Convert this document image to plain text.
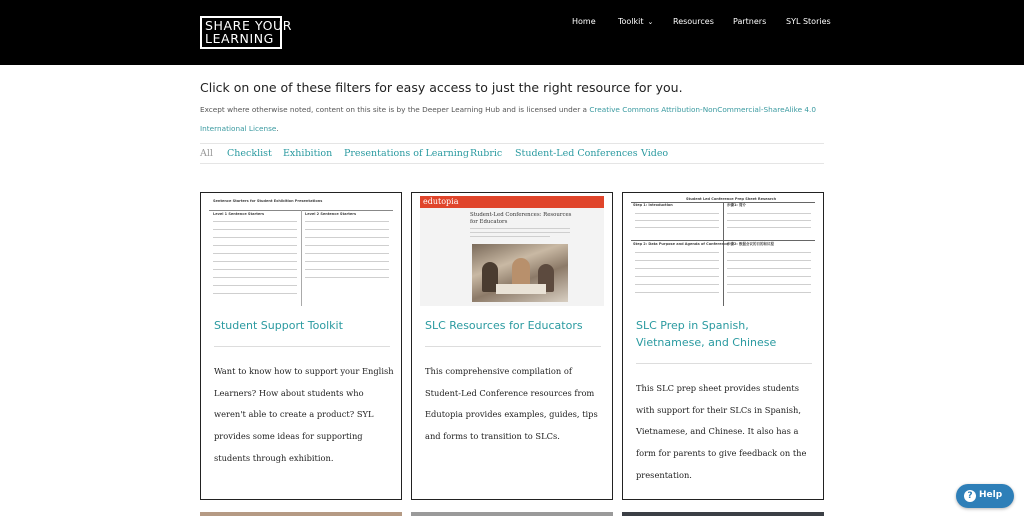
SHARE YOUR
LEARNING
Home	Toolkit ⌄ Resources Partners SYL Stories
Click on one of these filters for easy access to just the right resource for you.
Except where otherwise noted, content on this site is by the Deeper Learning Hub and is licensed under a Creative Commons Attribution-NonCommercial-ShareAlike 4.0 International License.
All Checklist Exhibition Presentations of Learning Rubric Student-Led Conferences Video
Sentence Starters for Student Exhibition Presentations
Level 1 Sentence Starters	Level 2 Sentence Starters
Student Support Toolkit
Want to know how to support your English Learners? How about students who weren't able to create a product? SYL provides some ideas for supporting students through exhibition.
edutopia
Student-Led Conferences: Resources for Educators
SLC Resources for Educators
This comprehensive compilation of Student-Led Conference resources from Edutopia provides examples, guides, tips and forms to transition to SLCs.
Student Led Conference Prep Sheet Research
Step 1: Introduction	步骤1: 简介
Step 2: Data Purpose and Agenda of Conference
步骤2: 数据会议的目的和议程
SLC Prep in Spanish, Vietnamese, and Chinese
This SLC prep sheet provides students with support for their SLCs in Spanish, Vietnamese, and Chinese. It also has a form for parents to give feedback on the presentation.
? Help
